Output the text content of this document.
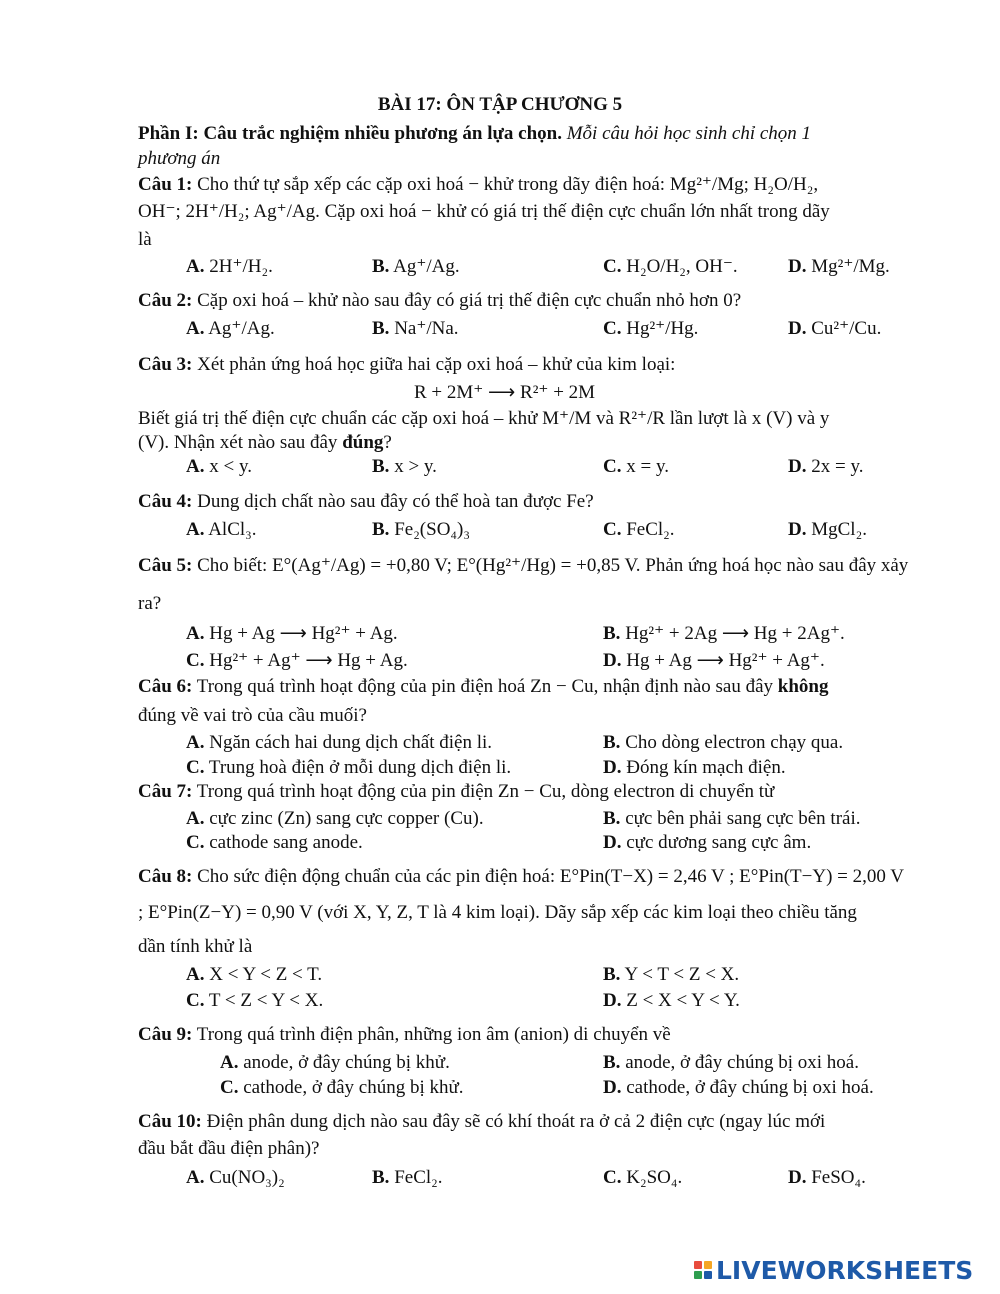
BÀI 17: ÔN TẬP CHƯƠNG 5
Phần I: Câu trắc nghiệm nhiều phương án lựa chọn. Mỗi câu hỏi học sinh chỉ chọn 1
phương án
Câu 1: Cho thứ tự sắp xếp các cặp oxi hoá − khử trong dãy điện hoá: Mg²⁺/Mg; H₂O/H₂,
OH⁻; 2H⁺/H₂; Ag⁺/Ag. Cặp oxi hoá − khử có giá trị thế điện cực chuẩn lớn nhất trong dãy
là
A. 2H⁺/H₂.	B. Ag⁺/Ag.	C. H₂O/H₂, OH⁻.	D. Mg²⁺/Mg.
Câu 2: Cặp oxi hoá – khử nào sau đây có giá trị thế điện cực chuẩn nhỏ hơn 0?
A. Ag⁺/Ag.	B. Na⁺/Na.	C. Hg²⁺/Hg.	D. Cu²⁺/Cu.
Câu 3: Xét phản ứng hoá học giữa hai cặp oxi hoá – khử của kim loại:
R + 2M⁺ ⟶ R²⁺ + 2M
Biết giá trị thế điện cực chuẩn các cặp oxi hoá – khử M⁺/M và R²⁺/R lần lượt là x (V) và y
(V). Nhận xét nào sau đây đúng?
A. x < y.	B. x > y.	C. x = y.	D. 2x = y.
Câu 4: Dung dịch chất nào sau đây có thể hoà tan được Fe?
A. AlCl₃.	B. Fe₂(SO₄)₃	C. FeCl₂.	D. MgCl₂.
Câu 5: Cho biết: E°(Ag⁺/Ag) = +0,80 V; E°(Hg²⁺/Hg) = +0,85 V. Phản ứng hoá học nào sau đây xảy
ra?
A. Hg + Ag ⟶ Hg²⁺ + Ag.	B. Hg²⁺ + 2Ag ⟶ Hg + 2Ag⁺.
C. Hg²⁺ + Ag⁺ ⟶ Hg + Ag.	D. Hg + Ag ⟶ Hg²⁺ + Ag⁺.
Câu 6: Trong quá trình hoạt động của pin điện hoá Zn − Cu, nhận định nào sau đây không
đúng về vai trò của cầu muối?
A. Ngăn cách hai dung dịch chất điện li.	B. Cho dòng electron chạy qua.
C. Trung hoà điện ở mỗi dung dịch điện li.	D. Đóng kín mạch điện.
Câu 7: Trong quá trình hoạt động của pin điện Zn − Cu, dòng electron di chuyển từ
A. cực zinc (Zn) sang cực copper (Cu).	B. cực bên phải sang cực bên trái.
C. cathode sang anode.	D. cực dương sang cực âm.
Câu 8: Cho sức điện động chuẩn của các pin điện hoá: E°Pin(T−X) = 2,46 V ; E°Pin(T−Y) = 2,00 V
; E°Pin(Z−Y) = 0,90 V (với X, Y, Z, T là 4 kim loại). Dãy sắp xếp các kim loại theo chiều tăng
dần tính khử là
A. X < Y < Z < T.	B. Y < T < Z < X.
C. T < Z < Y < X.	D. Z < X < Y < Y.
Câu 9: Trong quá trình điện phân, những ion âm (anion) di chuyển về
A. anode, ở đây chúng bị khử.	B. anode, ở đây chúng bị oxi hoá.
C. cathode, ở đây chúng bị khử.	D. cathode, ở đây chúng bị oxi hoá.
Câu 10: Điện phân dung dịch nào sau đây sẽ có khí thoát ra ở cả 2 điện cực (ngay lúc mới
đầu bắt đầu điện phân)?
A. Cu(NO₃)₂	B. FeCl₂.	C. K₂SO₄.	D. FeSO₄.
LIVEWORKSHEETS
